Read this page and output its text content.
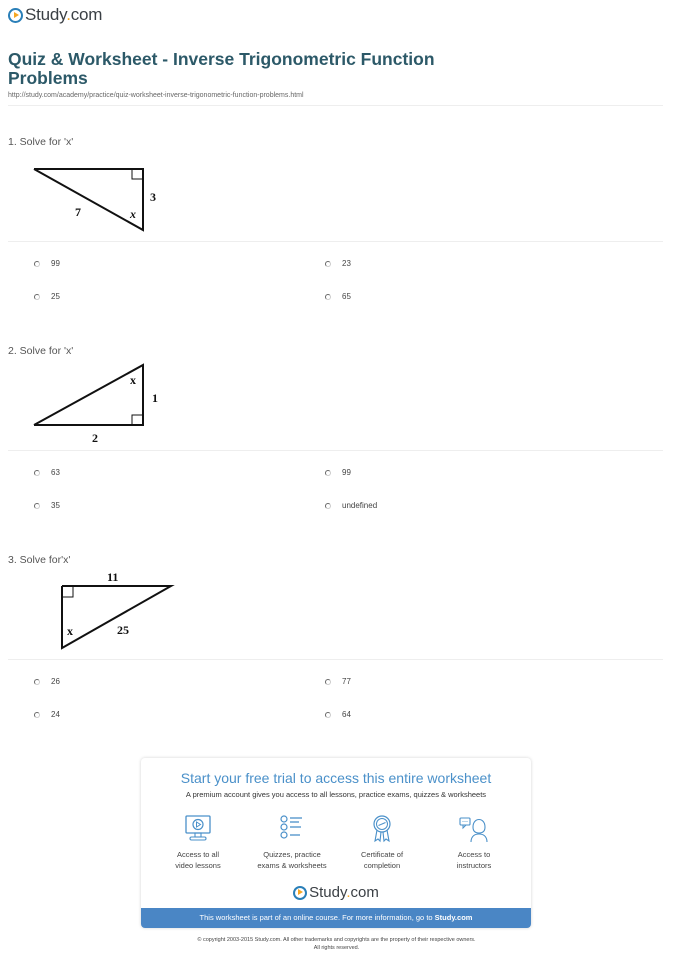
Study.com
Quiz & Worksheet - Inverse Trigonometric Function Problems
http://study.com/academy/practice/quiz-worksheet-inverse-trigonometric-function-problems.html
1. Solve for 'x'
3
7	x
99	23
25	65
2. Solve for 'x'
x
1
2
63	99
35	undefined
3. Solve for'x'
11
25
x
26	77
24	64
Start your free trial to access this entire worksheet
A premium account gives you access to all lessons, practice exams, quizzes & worksheets
Access to all
video lessons
Quizzes, practice
exams & worksheets
Certificate of
completion
Access to
instructors
Study.com
This worksheet is part of an online course. For more information, go to Study.com
© copyright 2003-2015 Study.com. All other trademarks and copyrights are the property of their respective owners.
All rights reserved.
